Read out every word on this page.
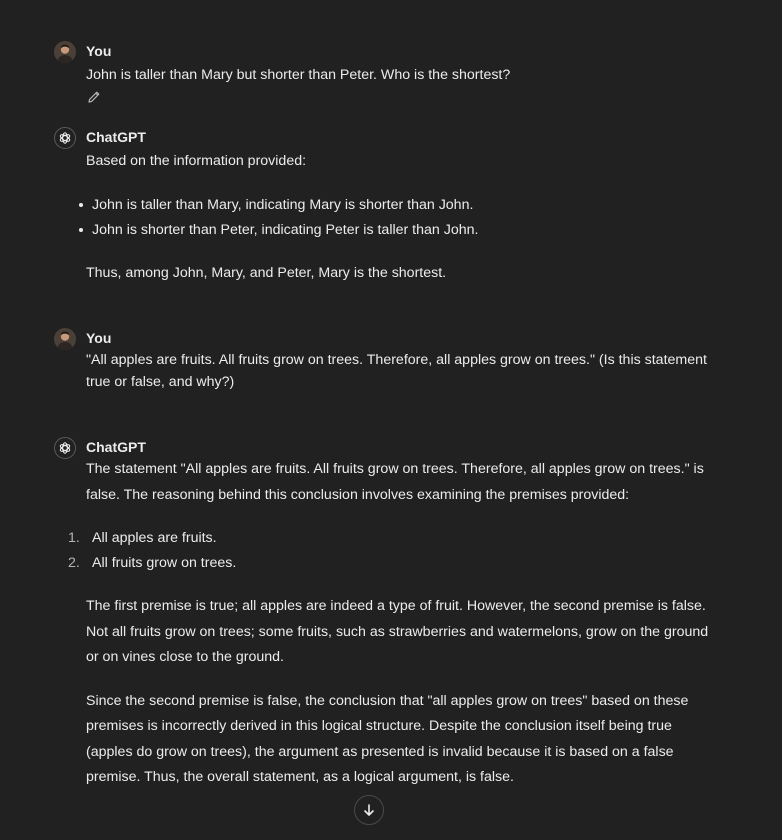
You

John is taller than Mary but shorter than Peter. Who is the shortest?

ChatGPT

Based on the information provided:

John is taller than Mary, indicating Mary is shorter than John.
John is shorter than Peter, indicating Peter is taller than John.

Thus, among John, Mary, and Peter, Mary is the shortest.

You

"All apples are fruits. All fruits grow on trees. Therefore, all apples grow on trees." (Is this statement true or false, and why?)

ChatGPT

The statement "All apples are fruits. All fruits grow on trees. Therefore, all apples grow on trees." is false. The reasoning behind this conclusion involves examining the premises provided:

1. All apples are fruits.
2. All fruits grow on trees.

The first premise is true; all apples are indeed a type of fruit. However, the second premise is false. Not all fruits grow on trees; some fruits, such as strawberries and watermelons, grow on the ground or on vines close to the ground.

Since the second premise is false, the conclusion that "all apples grow on trees" based on these premises is incorrectly derived in this logical structure. Despite the conclusion itself being true (apples do grow on trees), the argument as presented is invalid because it is based on a false premise. Thus, the overall statement, as a logical argument, is false.
